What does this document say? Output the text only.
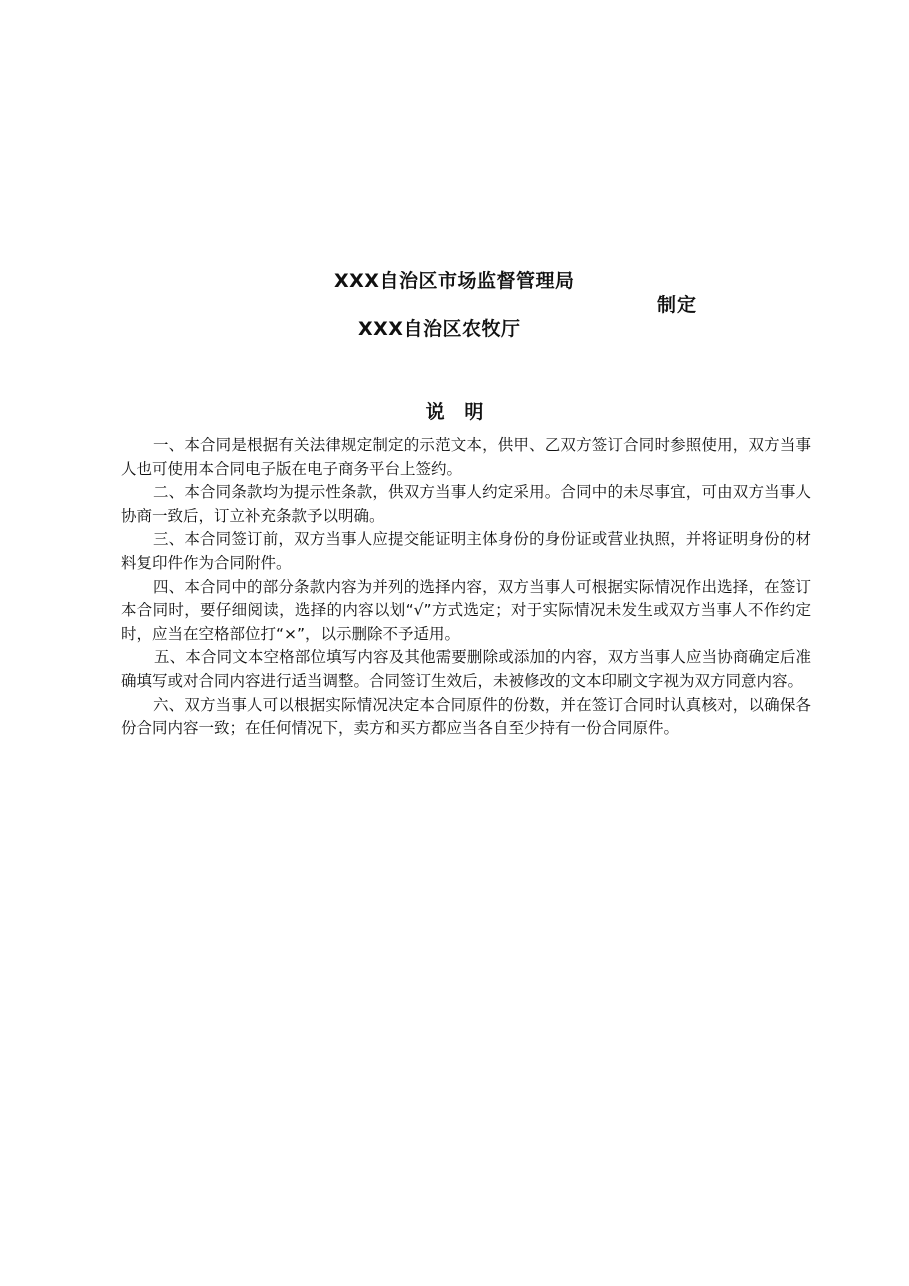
XXX自治区市场监督管理局
制定
XXX自治区农牧厅
说   明

一、本合同是根据有关法律规定制定的示范文本，供甲、乙双方签订合同时参照使用，双方当事人也可使用本合同电子版在电子商务平台上签约。

二、本合同条款均为提示性条款，供双方当事人约定采用。合同中的未尽事宜，可由双方当事人协商一致后，订立补充条款予以明确。

三、本合同签订前，双方当事人应提交能证明主体身份的身份证或营业执照，并将证明身份的材料复印件作为合同附件。

四、本合同中的部分条款内容为并列的选择内容，双方当事人可根据实际情况作出选择，在签订本合同时，要仔细阅读，选择的内容以划“√”方式选定；对于实际情况未发生或双方当事人不作约定时，应当在空格部位打“×”，以示删除不予适用。

五、本合同文本空格部位填写内容及其他需要删除或添加的内容，双方当事人应当协商确定后准确填写或对合同内容进行适当调整。合同签订生效后，未被修改的文本印刷文字视为双方同意内容。

六、双方当事人可以根据实际情况决定本合同原件的份数，并在签订合同时认真核对，以确保各份合同内容一致；在任何情况下，卖方和买方都应当各自至少持有一份合同原件。
